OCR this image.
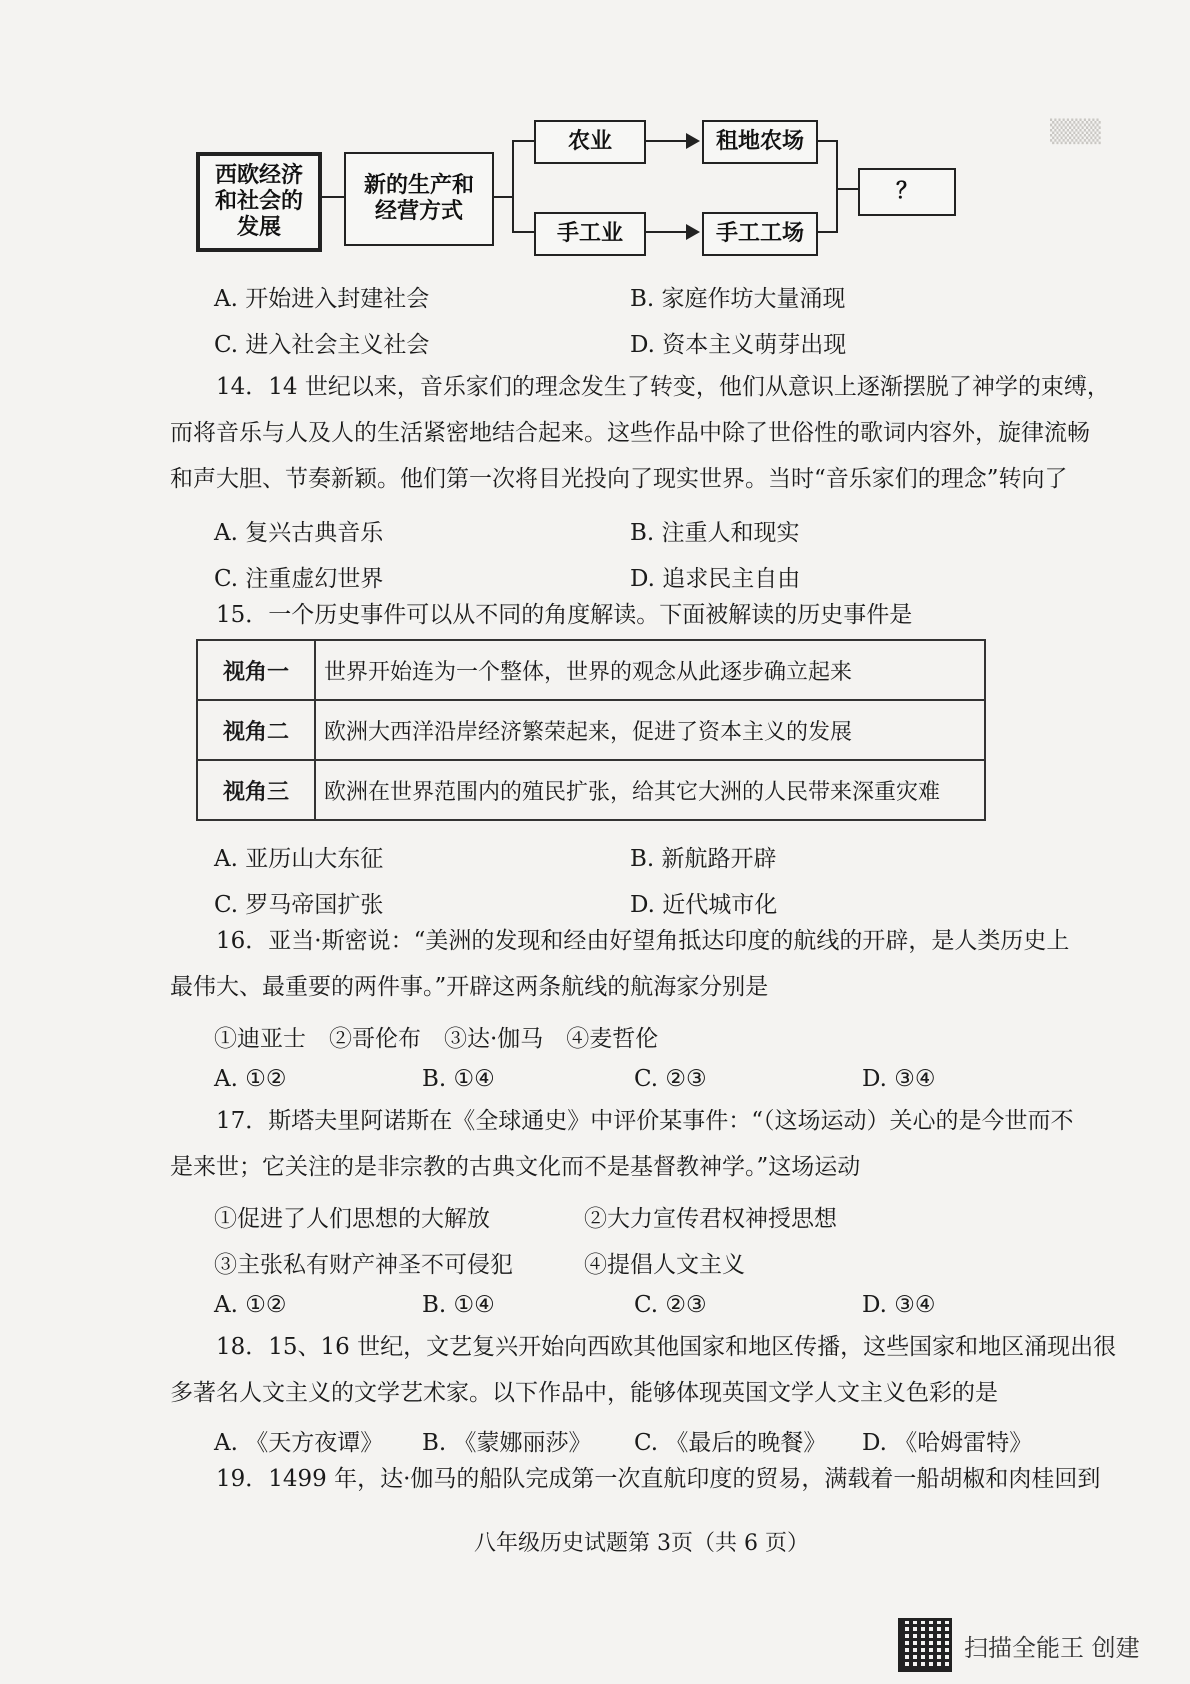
▒▒▒
西欧经济
和社会的
发展
新的生产和
经营方式
农业	租地农场
手工业	手工工场
？
A. 开始进入封建社会	B. 家庭作坊大量涌现
C. 进入社会主义社会	D. 资本主义萌芽出现
14．14 世纪以来，音乐家们的理念发生了转变，他们从意识上逐渐摆脱了神学的束缚，
而将音乐与人及人的生活紧密地结合起来。这些作品中除了世俗性的歌词内容外，旋律流畅
和声大胆、节奏新颖。他们第一次将目光投向了现实世界。当时“音乐家们的理念”转向了
A. 复兴古典音乐	B. 注重人和现实
C. 注重虚幻世界	D. 追求民主自由
15．一个历史事件可以从不同的角度解读。下面被解读的历史事件是
视角一	世界开始连为一个整体，世界的观念从此逐步确立起来
视角二	欧洲大西洋沿岸经济繁荣起来，促进了资本主义的发展
视角三	欧洲在世界范围内的殖民扩张，给其它大洲的人民带来深重灾难
A. 亚历山大东征	B. 新航路开辟
C. 罗马帝国扩张	D. 近代城市化
16．亚当·斯密说：“美洲的发现和经由好望角抵达印度的航线的开辟，是人类历史上
最伟大、最重要的两件事。”开辟这两条航线的航海家分别是
①迪亚士　②哥伦布　③达·伽马　④麦哲伦
A. ①②	B. ①④	C. ②③	D. ③④
17．斯塔夫里阿诺斯在《全球通史》中评价某事件：“（这场运动）关心的是今世而不
是来世；它关注的是非宗教的古典文化而不是基督教神学。”这场运动
①促进了人们思想的大解放	②大力宣传君权神授思想
③主张私有财产神圣不可侵犯	④提倡人文主义
A. ①②	B. ①④	C. ②③	D. ③④
18．15、16 世纪，文艺复兴开始向西欧其他国家和地区传播，这些国家和地区涌现出很
多著名人文主义的文学艺术家。以下作品中，能够体现英国文学人文主义色彩的是
A. 《天方夜谭》 B. 《蒙娜丽莎》 C. 《最后的晚餐》 D. 《哈姆雷特》
19．1499 年，达·伽马的船队完成第一次直航印度的贸易，满载着一船胡椒和肉桂回到
八年级历史试题第 3页（共 6 页）
扫描全能王 创建
